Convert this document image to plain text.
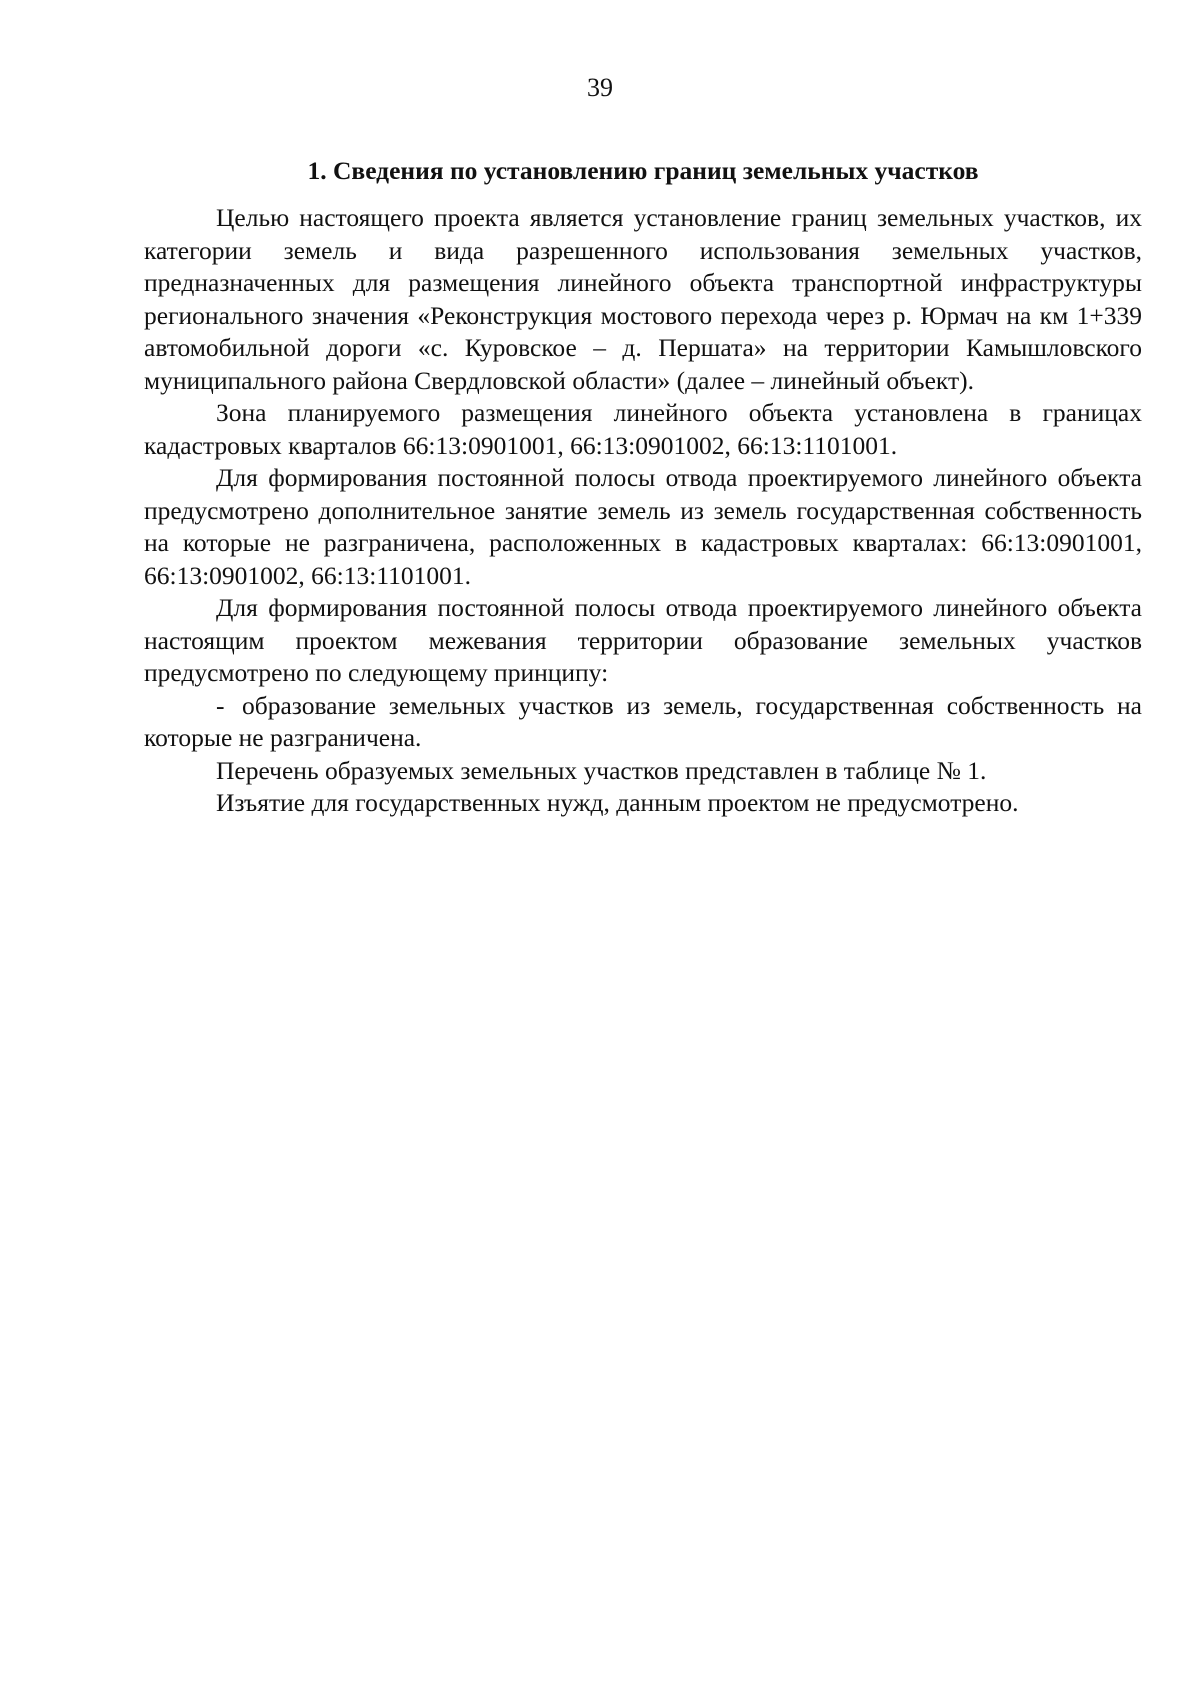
39
1. Сведения по установлению границ земельных участков

Целью настоящего проекта является установление границ земельных участков, их категории земель и вида разрешенного использования земельных участков, предназначенных для размещения линейного объекта транспортной инфраструктуры регионального значения «Реконструкция мостового перехода через р. Юрмач на км 1+339 автомобильной дороги «с. Куровское – д. Першата» на территории Камышловского муниципального района Свердловской области» (далее – линейный объект).

Зона планируемого размещения линейного объекта установлена в границах кадастровых кварталов 66:13:0901001, 66:13:0901002, 66:13:1101001.

Для формирования постоянной полосы отвода проектируемого линейного объекта предусмотрено дополнительное занятие земель из земель государственная собственность на которые не разграничена, расположенных в кадастровых кварталах: 66:13:0901001, 66:13:0901002, 66:13:1101001.

Для формирования постоянной полосы отвода проектируемого линейного объекта настоящим проектом межевания территории образование земельных участков предусмотрено по следующему принципу:

- образование земельных участков из земель, государственная собственность на которые не разграничена.

Перечень образуемых земельных участков представлен в таблице № 1.

Изъятие для государственных нужд, данным проектом не предусмотрено.
